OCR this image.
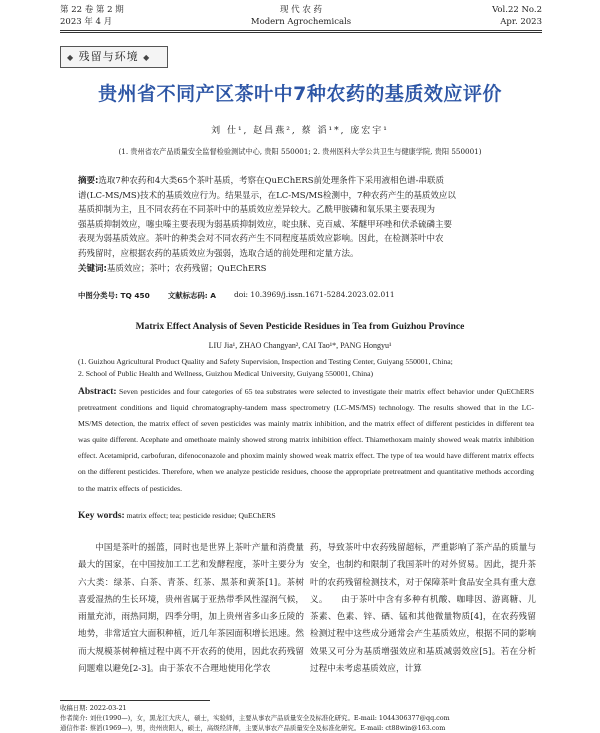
第 22 卷 第 2 期	现 代 农 药	Vol.22 No.2
2023 年 4 月	Modern Agrochemicals	Apr. 2023
◆ 残留与环境 ◆
贵州省不同产区茶叶中7种农药的基质效应评价
刘 仕¹, 赵昌燕², 蔡 滔¹*, 庞宏宇¹
(1. 贵州省农产品质量安全监督检验测试中心, 贵阳 550001; 2. 贵州医科大学公共卫生与健康学院, 贵阳 550001)
摘要:选取7种农药和4大类65个茶叶基质，考察在QuEChERS前处理条件下采用液相色谱-串联质
谱(LC-MS/MS)技术的基质效应行为。结果显示，在LC-MS/MS检测中，7种农药产生的基质效应以
基质抑制为主，且不同农药在不同茶叶中的基质效应差异较大。乙酰甲胺磷和氧乐果主要表现为
强基质抑制效应，噻虫嗪主要表现为弱基质抑制效应，啶虫脒、克百威、苯醚甲环唑和伏杀硫磷主要
表现为弱基质效应。茶叶的种类会对不同农药产生不同程度基质效应影响。因此，在检测茶叶中农
药残留时，应根据农药的基质效应为强弱，选取合适的前处理和定量方法。
关键词:基质效应；茶叶；农药残留；QuEChERS
中图分类号: TQ 450 文献标志码: A doi: 10.3969/j.issn.1671-5284.2023.02.011
Matrix Effect Analysis of Seven Pesticide Residues in Tea from Guizhou Province
LIU Jia¹, ZHAO Changyan², CAI Tao¹*, PANG Hongyu¹
(1. Guizhou Agricultural Product Quality and Safety Supervision, Inspection and Testing Center, Guiyang 550001, China;
2. School of Public Health and Wellness, Guizhou Medical University, Guiyang 550001, China)
Abstract: Seven pesticides and four categories of 65 tea substrates were selected to investigate their matrix effect behavior under QuEChERS pretreatment conditions and liquid chromatography-tandem mass spectrometry (LC-MS/MS) technology. The results showed that in the LC-MS/MS detection, the matrix effect of seven pesticides was mainly matrix inhibition, and the matrix effect of different pesticides in different tea was quite different. Acephate and omethoate mainly showed strong matrix inhibition effect. Thiamethoxam mainly showed weak matrix inhibition effect. Acetamiprid, carbofuran, difenoconazole and phoxim mainly showed weak matrix effect. The type of tea would have different matrix effects on the different pesticides. Therefore, when we analyze pesticide residues, choose the appropriate pretreatment and quantitative methods according to the matrix effects of pesticides.
Key words: matrix effect; tea; pesticide residue; QuEChERS
中国是茶叶的摇篮，同时也是世界上茶叶产量和消费量最大的国家，在中国按加工工艺和发酵程度，茶叶主要分为六大类：绿茶、白茶、青茶、红茶、黑茶和黄茶[1]。茶树喜爱湿热的生长环境，贵州省属于亚热带季风性湿润气候，雨量充沛，雨热同期，四季分明，加上贵州省多山多丘陵的地势，非常适宜大面积种植，近几年茶园面积增长迅速。然而大规模茶树种植过程中离不开农药的使用，因此农药残留问题难以避免[2-3]。由于茶农不合理地使用化学农
药，导致茶叶中农药残留超标，严重影响了茶产品的质量与安全，也制约和限制了我国茶叶的对外贸易。因此，提升茶叶的农药残留检测技术，对于保障茶叶食品安全具有重大意义。　　由于茶叶中含有多种有机酸、咖啡因、游离糖、儿茶素、色素、锌、硒、锰和其他微量物质[4]，在农药残留检测过程中这些成分通常会产生基质效应，根据不同的影响效果又可分为基质增强效应和基质减弱效应[5]。若在分析过程中未考虑基质效应，计算
收稿日期: 2022-03-21
作者简介: 刘仕(1990—)，女，黑龙江大庆人，硕士，实验师，主要从事农产品质量安全及标准化研究。E-mail: 1044306377@qq.com
通信作者: 蔡滔(1969—)，男，贵州贵阳人，硕士，高级经济师，主要从事农产品质量安全及标准化研究。E-mail: ct88win@163.com
